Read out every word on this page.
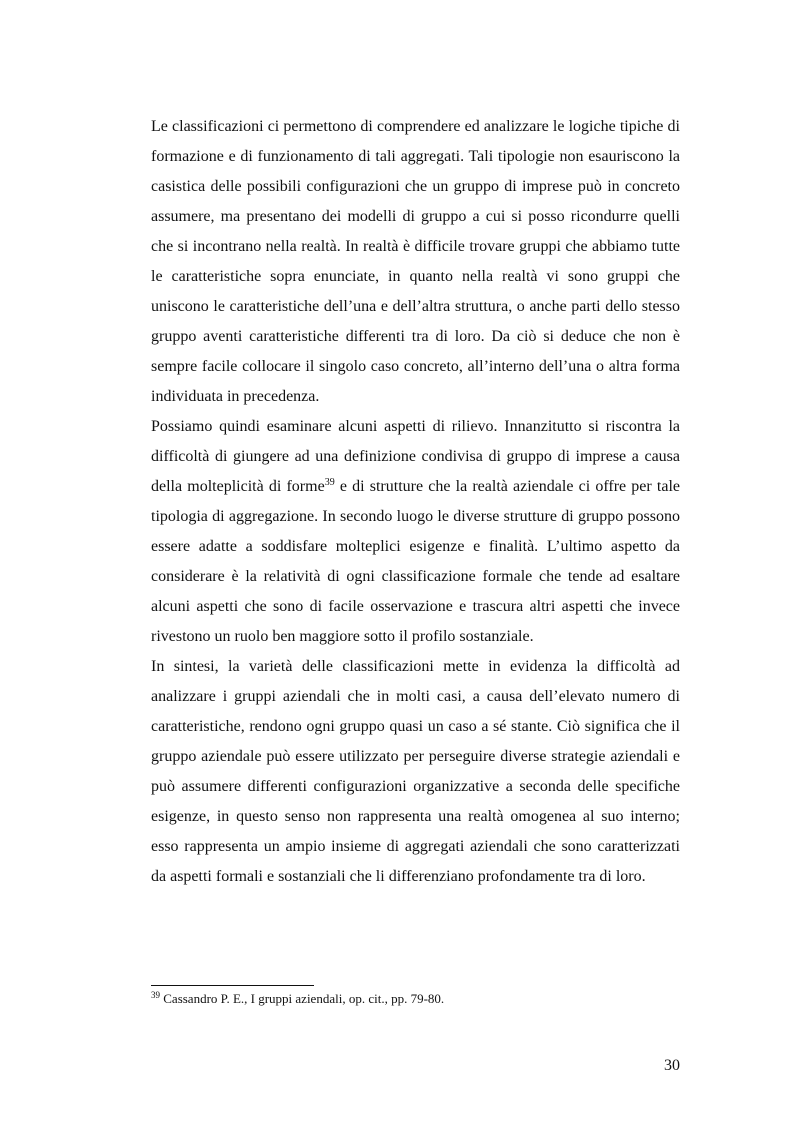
Le classificazioni ci permettono di comprendere ed analizzare le logiche tipiche di formazione e di funzionamento di tali aggregati. Tali tipologie non esauriscono la casistica delle possibili configurazioni che un gruppo di imprese può in concreto assumere, ma presentano dei modelli di gruppo a cui si posso ricondurre quelli che si incontrano nella realtà. In realtà è difficile trovare gruppi che abbiamo tutte le caratteristiche sopra enunciate, in quanto nella realtà vi sono gruppi che uniscono le caratteristiche dell’una e dell’altra struttura, o anche parti dello stesso gruppo aventi caratteristiche differenti tra di loro. Da ciò si deduce che non è sempre facile collocare il singolo caso concreto, all’interno dell’una o altra forma individuata in precedenza.

Possiamo quindi esaminare alcuni aspetti di rilievo. Innanzitutto si riscontra la difficoltà di giungere ad una definizione condivisa di gruppo di imprese a causa della molteplicità di forme$^{39}$ e di strutture che la realtà aziendale ci offre per tale tipologia di aggregazione. In secondo luogo le diverse strutture di gruppo possono essere adatte a soddisfare molteplici esigenze e finalità. L’ultimo aspetto da considerare è la relatività di ogni classificazione formale che tende ad esaltare alcuni aspetti che sono di facile osservazione e trascura altri aspetti che invece rivestono un ruolo ben maggiore sotto il profilo sostanziale.

In sintesi, la varietà delle classificazioni mette in evidenza la difficoltà ad analizzare i gruppi aziendali che in molti casi, a causa dell’elevato numero di caratteristiche, rendono ogni gruppo quasi un caso a sé stante. Ciò significa che il gruppo aziendale può essere utilizzato per perseguire diverse strategie aziendali e può assumere differenti configurazioni organizzative a seconda delle specifiche esigenze, in questo senso non rappresenta una realtà omogenea al suo interno; esso rappresenta un ampio insieme di aggregati aziendali che sono caratterizzati da aspetti formali e sostanziali che li differenziano profondamente tra di loro.

$^{39}$ Cassandro P. E., I gruppi aziendali, op. cit., pp. 79-80.

30
